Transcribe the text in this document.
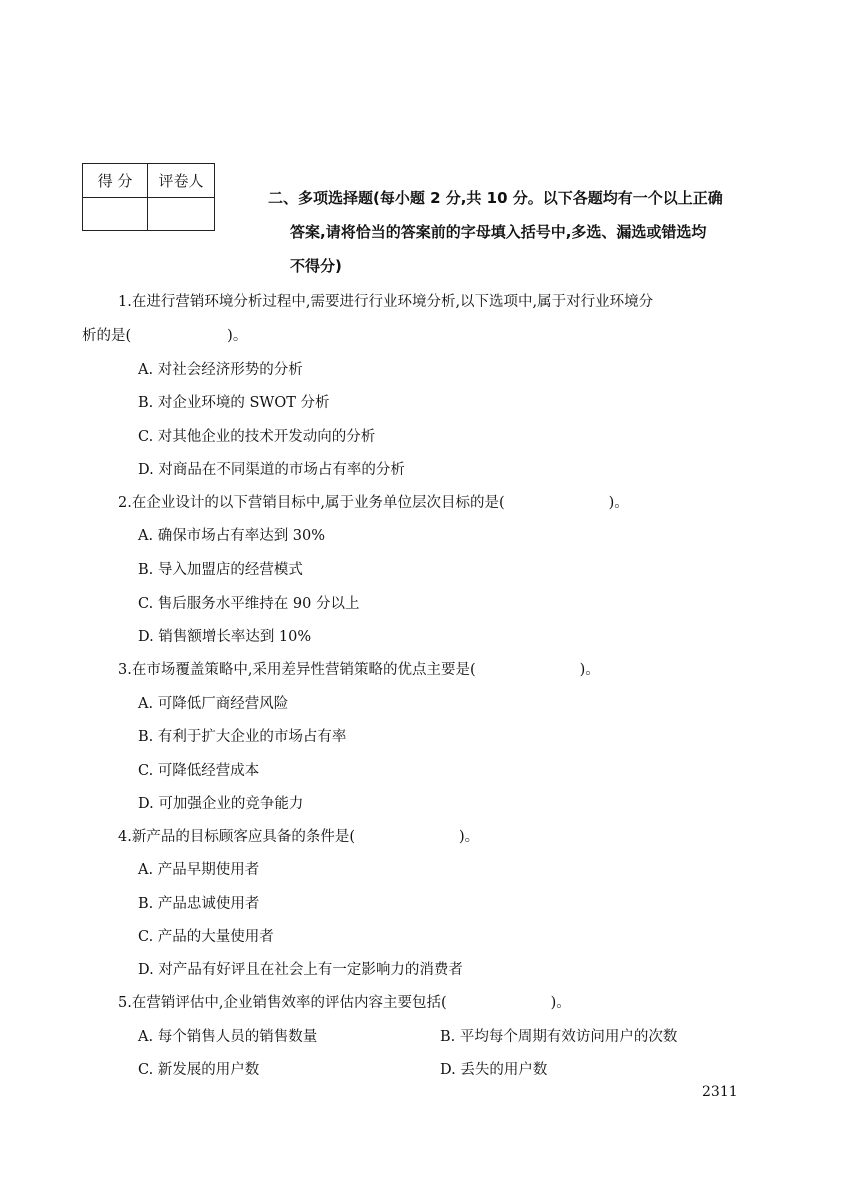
得 分	评卷人

二、多项选择题(每小题 2 分,共 10 分。以下各题均有一个以上正确
答案,请将恰当的答案前的字母填入括号中,多选、漏选或错选均
不得分)
1.在进行营销环境分析过程中,需要进行行业环境分析,以下选项中,属于对行业环境分
析的是(	)。
A. 对社会经济形势的分析
B. 对企业环境的 SWOT 分析
C. 对其他企业的技术开发动向的分析
D. 对商品在不同渠道的市场占有率的分析
2.在企业设计的以下营销目标中,属于业务单位层次目标的是(	)。
A. 确保市场占有率达到 30%
B. 导入加盟店的经营模式
C. 售后服务水平维持在 90 分以上
D. 销售额增长率达到 10%
3.在市场覆盖策略中,采用差异性营销策略的优点主要是(	)。
A. 可降低厂商经营风险
B. 有利于扩大企业的市场占有率
C. 可降低经营成本
D. 可加强企业的竞争能力
4.新产品的目标顾客应具备的条件是(	)。
A. 产品早期使用者
B. 产品忠诚使用者
C. 产品的大量使用者
D. 对产品有好评且在社会上有一定影响力的消费者
5.在营销评估中,企业销售效率的评估内容主要包括(	)。
A. 每个销售人员的销售数量	B. 平均每个周期有效访问用户的次数
C. 新发展的用户数	D. 丢失的用户数
2311
